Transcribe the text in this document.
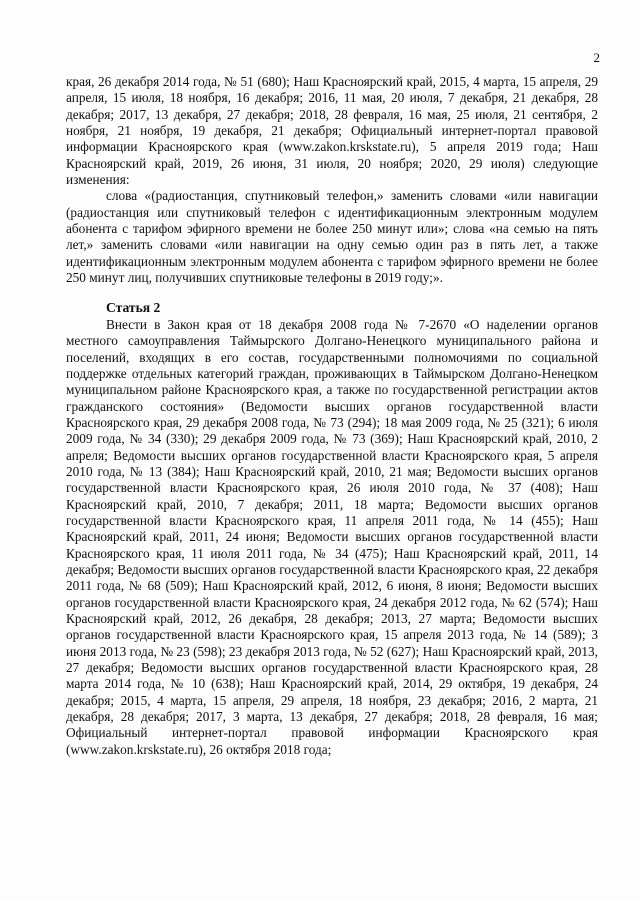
2

края, 26 декабря 2014 года, № 51 (680); Наш Красноярский край, 2015, 4 марта, 15 апреля, 29 апреля, 15 июля, 18 ноября, 16 декабря; 2016, 11 мая, 20 июля, 7 декабря, 21 декабря, 28 декабря; 2017, 13 декабря, 27 декабря; 2018, 28 февраля, 16 мая, 25 июля, 21 сентября, 2 ноября, 21 ноября, 19 декабря, 21 декабря; Официальный интернет-портал правовой информации Красноярского края (www.zakon.krskstate.ru), 5 апреля 2019 года; Наш Красноярский край, 2019, 26 июня, 31 июля, 20 ноября; 2020, 29 июля) следующие изменения:

слова «(радиостанция, спутниковый телефон,» заменить словами «или навигации (радиостанция или спутниковый телефон с идентификационным электронным модулем абонента с тарифом эфирного времени не более 250 минут или»; слова «на семью на пять лет,» заменить словами «или навигации на одну семью один раз в пять лет, а также идентификационным электронным модулем абонента с тарифом эфирного времени не более 250 минут лиц, получивших спутниковые телефоны в 2019 году;».

Статья 2

Внести в Закон края от 18 декабря 2008 года № 7-2670 «О наделении органов местного самоуправления Таймырского Долгано-Ненецкого муниципального района и поселений, входящих в его состав, государственными полномочиями по социальной поддержке отдельных категорий граждан, проживающих в Таймырском Долгано-Ненецком муниципальном районе Красноярского края, а также по государственной регистрации актов гражданского состояния» (Ведомости высших органов государственной власти Красноярского края, 29 декабря 2008 года, № 73 (294); 18 мая 2009 года, № 25 (321); 6 июля 2009 года, № 34 (330); 29 декабря 2009 года, № 73 (369); Наш Красноярский край, 2010, 2 апреля; Ведомости высших органов государственной власти Красноярского края, 5 апреля 2010 года, № 13 (384); Наш Красноярский край, 2010, 21 мая; Ведомости высших органов государственной власти Красноярского края, 26 июля 2010 года, № 37 (408); Наш Красноярский край, 2010, 7 декабря; 2011, 18 марта; Ведомости высших органов государственной власти Красноярского края, 11 апреля 2011 года, № 14 (455); Наш Красноярский край, 2011, 24 июня; Ведомости высших органов государственной власти Красноярского края, 11 июля 2011 года, № 34 (475); Наш Красноярский край, 2011, 14 декабря; Ведомости высших органов государственной власти Красноярского края, 22 декабря 2011 года, № 68 (509); Наш Красноярский край, 2012, 6 июня, 8 июня; Ведомости высших органов государственной власти Красноярского края, 24 декабря 2012 года, № 62 (574); Наш Красноярский край, 2012, 26 декабря, 28 декабря; 2013, 27 марта; Ведомости высших органов государственной власти Красноярского края, 15 апреля 2013 года, № 14 (589); 3 июня 2013 года, № 23 (598); 23 декабря 2013 года, № 52 (627); Наш Красноярский край, 2013, 27 декабря; Ведомости высших органов государственной власти Красноярского края, 28 марта 2014 года, № 10 (638); Наш Красноярский край, 2014, 29 октября, 19 декабря, 24 декабря; 2015, 4 марта, 15 апреля, 29 апреля, 18 ноября, 23 декабря; 2016, 2 марта, 21 декабря, 28 декабря; 2017, 3 марта, 13 декабря, 27 декабря; 2018, 28 февраля, 16 мая; Официальный интернет-портал правовой информации Красноярского края (www.zakon.krskstate.ru), 26 октября 2018 года;
